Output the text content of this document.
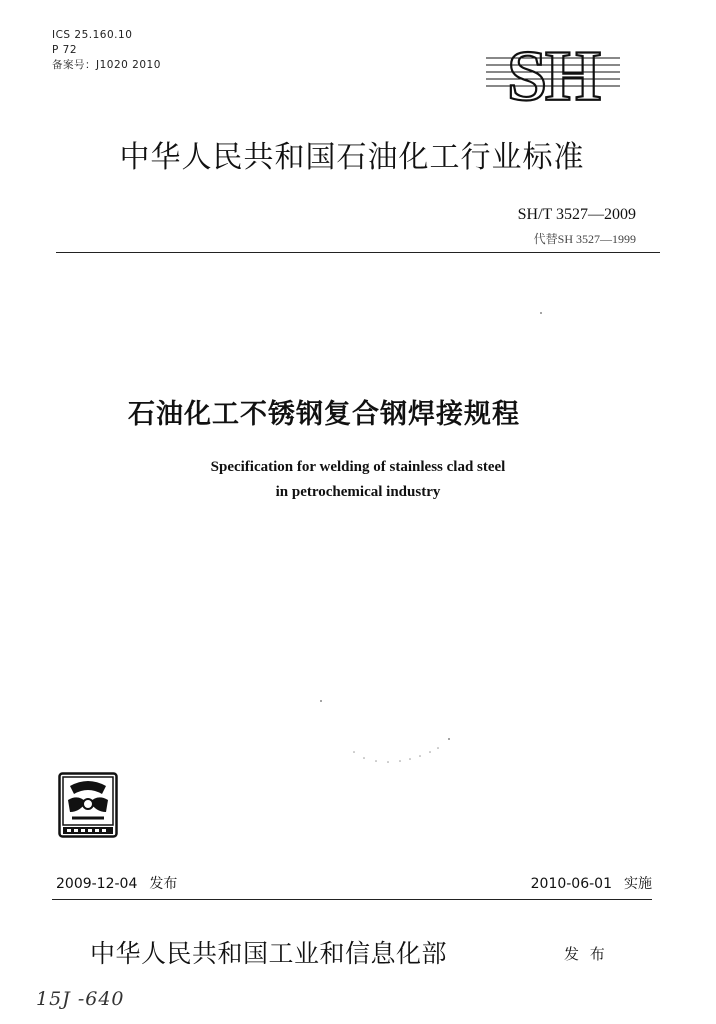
ICS 25.160.10
P 72
备案号：J1020 2010	SH
中华人民共和国石油化工行业标准
SH/T 3527—2009
代替SH 3527—1999
石油化工不锈钢复合钢焊接规程
Specification for welding of stainless clad steel
in petrochemical industry
2009-12-04 发布	2010-06-01 实施
中华人民共和国工业和信息化部	发 布
15J -640
